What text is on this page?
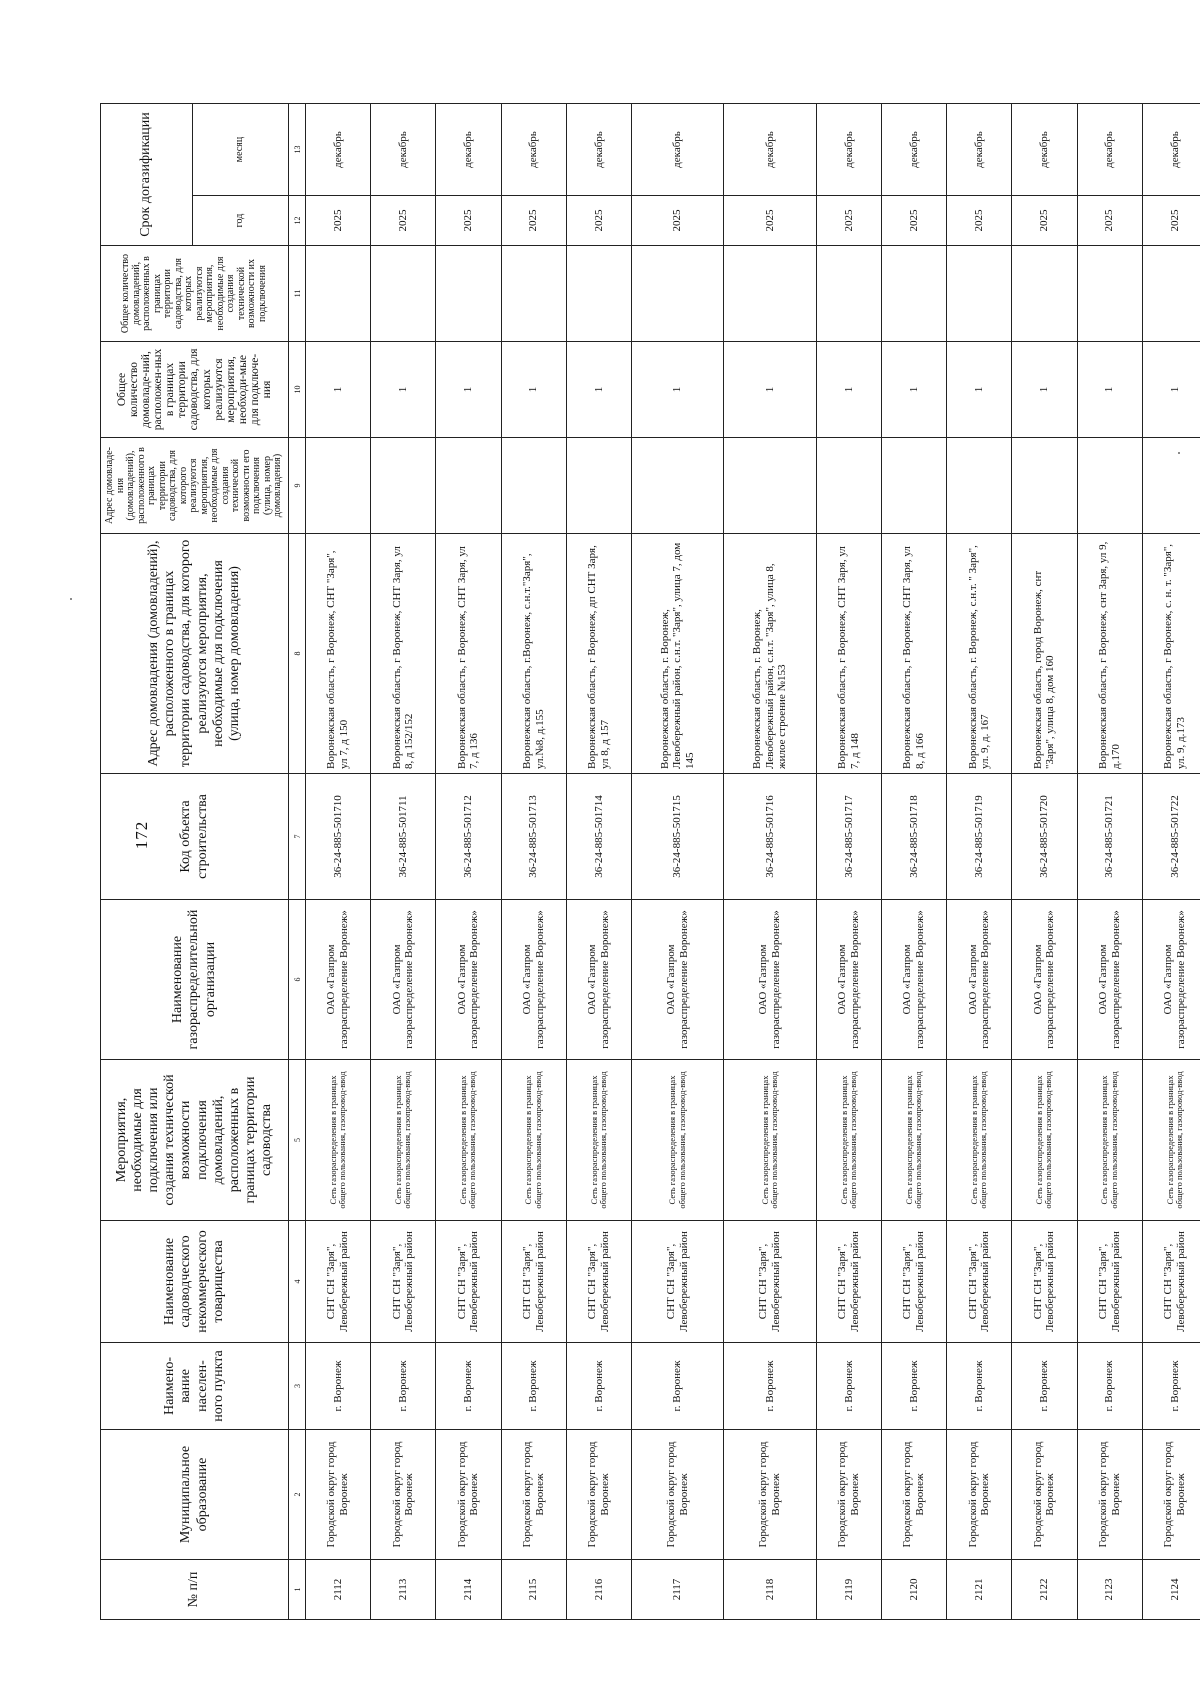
172
№ п/п	Муниципальное образование	Наимено-вание населен-ного пункта	Наименование садоводческого некоммерческого товарищества	Мероприятия, необходимые для подключения или создания технической возможности подключения домовладений, расположенных в границах территории садоводства	Наименование газораспределительной организации	Код объекта строительства	Адрес домовладения (домовладений), расположенного в границах территории садоводства, для которого реализуются мероприятия, необходимые для подключения (улица, номер домовладения)	Адрес домовладе-ния (домовладений), расположенного в границах территории садоводства, для которого реализуются мероприятия, необходимые для создания технической возможности его подключения (улица, номер домовладения)	Общее количество домовладе-ний, расположен-ных в границах территории садоводства, для которых реализуются мероприятия, необходи-мые для подключе-ния	Общее количество домовладений, расположенных в границах территории садоводства, для которых реализуются мероприятия, необходимые для создания технической возможности их подключения	Срок догазификации	
											год	месяц
1	2	3	4	5	6	7	8	9	10	11	12	13
2112	Городской округ город Воронеж	г. Воронеж	СНТ СН "Заря", Левобережный район	Сеть газораспределения в границах общего пользования, газопровод-ввод	ОАО «Газпром газораспределение Воронеж»	36-24-885-501710	Воронежская область, г Воронеж, СНТ "Заря", ул 7, д 150		1		2025	декабрь
2113	Городской округ город Воронеж	г. Воронеж	СНТ СН "Заря", Левобережный район	Сеть газораспределения в границах общего пользования, газопровод-ввод	ОАО «Газпром газораспределение Воронеж»	36-24-885-501711	Воронежская область, г Воронеж, СНТ Заря, ул 8, д 152/152		1		2025	декабрь
2114	Городской округ город Воронеж	г. Воронеж	СНТ СН "Заря", Левобережный район	Сеть газораспределения в границах общего пользования, газопровод-ввод	ОАО «Газпром газораспределение Воронеж»	36-24-885-501712	Воронежская область, г Воронеж, СНТ Заря, ул 7, д 136		1		2025	декабрь
2115	Городской округ город Воронеж	г. Воронеж	СНТ СН "Заря", Левобережный район	Сеть газораспределения в границах общего пользования, газопровод-ввод	ОАО «Газпром газораспределение Воронеж»	36-24-885-501713	Воронежская область, г.Воронеж, с.н.т."Заря", ул.№8, д.155		1		2025	декабрь
2116	Городской округ город Воронеж	г. Воронеж	СНТ СН "Заря", Левобережный район	Сеть газораспределения в границах общего пользования, газопровод-ввод	ОАО «Газпром газораспределение Воронеж»	36-24-885-501714	Воронежская область, г Воронеж, дп СНТ Заря, ул 8, д 157		1		2025	декабрь
2117	Городской округ город Воронеж	г. Воронеж	СНТ СН "Заря", Левобережный район	Сеть газораспределения в границах общего пользования, газопровод-ввод	ОАО «Газпром газораспределение Воронеж»	36-24-885-501715	Воронежская область, г. Воронеж, Левобережный район, с.н.т. "Заря", улица 7, дом 145		1		2025	декабрь
2118	Городской округ город Воронеж	г. Воронеж	СНТ СН "Заря", Левобережный район	Сеть газораспределения в границах общего пользования, газопровод-ввод	ОАО «Газпром газораспределение Воронеж»	36-24-885-501716	Воронежская область, г. Воронеж, Левобережный район, с.н.т. "Заря", улица 8, жилое строение №153		1		2025	декабрь
2119	Городской округ город Воронеж	г. Воронеж	СНТ СН "Заря", Левобережный район	Сеть газораспределения в границах общего пользования, газопровод-ввод	ОАО «Газпром газораспределение Воронеж»	36-24-885-501717	Воронежская область, г Воронеж, СНТ Заря, ул 7, д 148		1		2025	декабрь
2120	Городской округ город Воронеж	г. Воронеж	СНТ СН "Заря", Левобережный район	Сеть газораспределения в границах общего пользования, газопровод-ввод	ОАО «Газпром газораспределение Воронеж»	36-24-885-501718	Воронежская область, г Воронеж, СНТ Заря, ул 8, д 166		1		2025	декабрь
2121	Городской округ город Воронеж	г. Воронеж	СНТ СН "Заря", Левобережный район	Сеть газораспределения в границах общего пользования, газопровод-ввод	ОАО «Газпром газораспределение Воронеж»	36-24-885-501719	Воронежская область, г. Воронеж, с.н.т. " Заря", ул. 9, д. 167		1		2025	декабрь
2122	Городской округ город Воронеж	г. Воронеж	СНТ СН "Заря", Левобережный район	Сеть газораспределения в границах общего пользования, газопровод-ввод	ОАО «Газпром газораспределение Воронеж»	36-24-885-501720	Воронежская область, город Воронеж, снт "Заря", улица 8, дом 160		1		2025	декабрь
2123	Городской округ город Воронеж	г. Воронеж	СНТ СН "Заря", Левобережный район	Сеть газораспределения в границах общего пользования, газопровод-ввод	ОАО «Газпром газораспределение Воронеж»	36-24-885-501721	Воронежская область, г Воронеж, снт Заря, ул 9, д.170		1		2025	декабрь
2124	Городской округ город Воронеж	г. Воронеж	СНТ СН "Заря", Левобережный район	Сеть газораспределения в границах общего пользования, газопровод-ввод	ОАО «Газпром газораспределение Воронеж»	36-24-885-501722	Воронежская область, г Воронеж, с. н. т. "Заря", ул. 9, д.173		1		2025	декабрь
